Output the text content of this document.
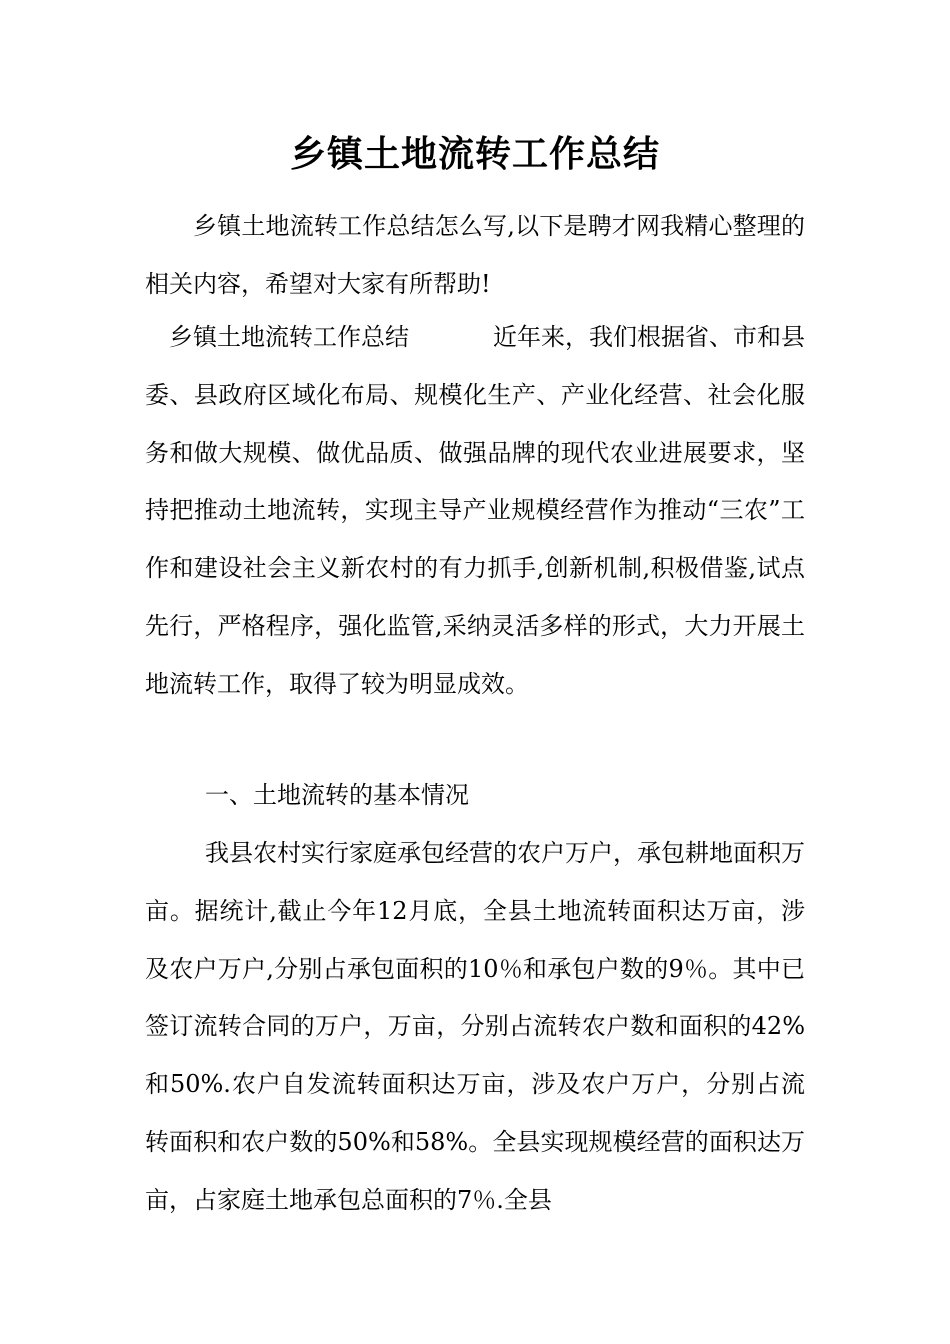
乡镇土地流转工作总结

乡镇土地流转工作总结怎么写,以下是聘才网我精心整理的相关内容，希望对大家有所帮助!

乡镇土地流转工作总结	近年来，我们根据省、市和县委、县政府区域化布局、规模化生产、产业化经营、社会化服务和做大规模、做优品质、做强品牌的现代农业进展要求，坚持把推动土地流转，实现主导产业规模经营作为推动“三农”工作和建设社会主义新农村的有力抓手,创新机制,积极借鉴,试点先行，严格程序，强化监管,采纳灵活多样的形式，大力开展土地流转工作，取得了较为明显成效。

一、土地流转的基本情况

我县农村实行家庭承包经营的农户万户，承包耕地面积万亩。据统计,截止今年12月底，全县土地流转面积达万亩，涉及农户万户,分别占承包面积的10％和承包户数的9％。其中已签订流转合同的万户，万亩，分别占流转农户数和面积的42%和50%.农户自发流转面积达万亩，涉及农户万户，分别占流转面积和农户数的50%和58%。全县实现规模经营的面积达万亩，占家庭土地承包总面积的7％.全县
